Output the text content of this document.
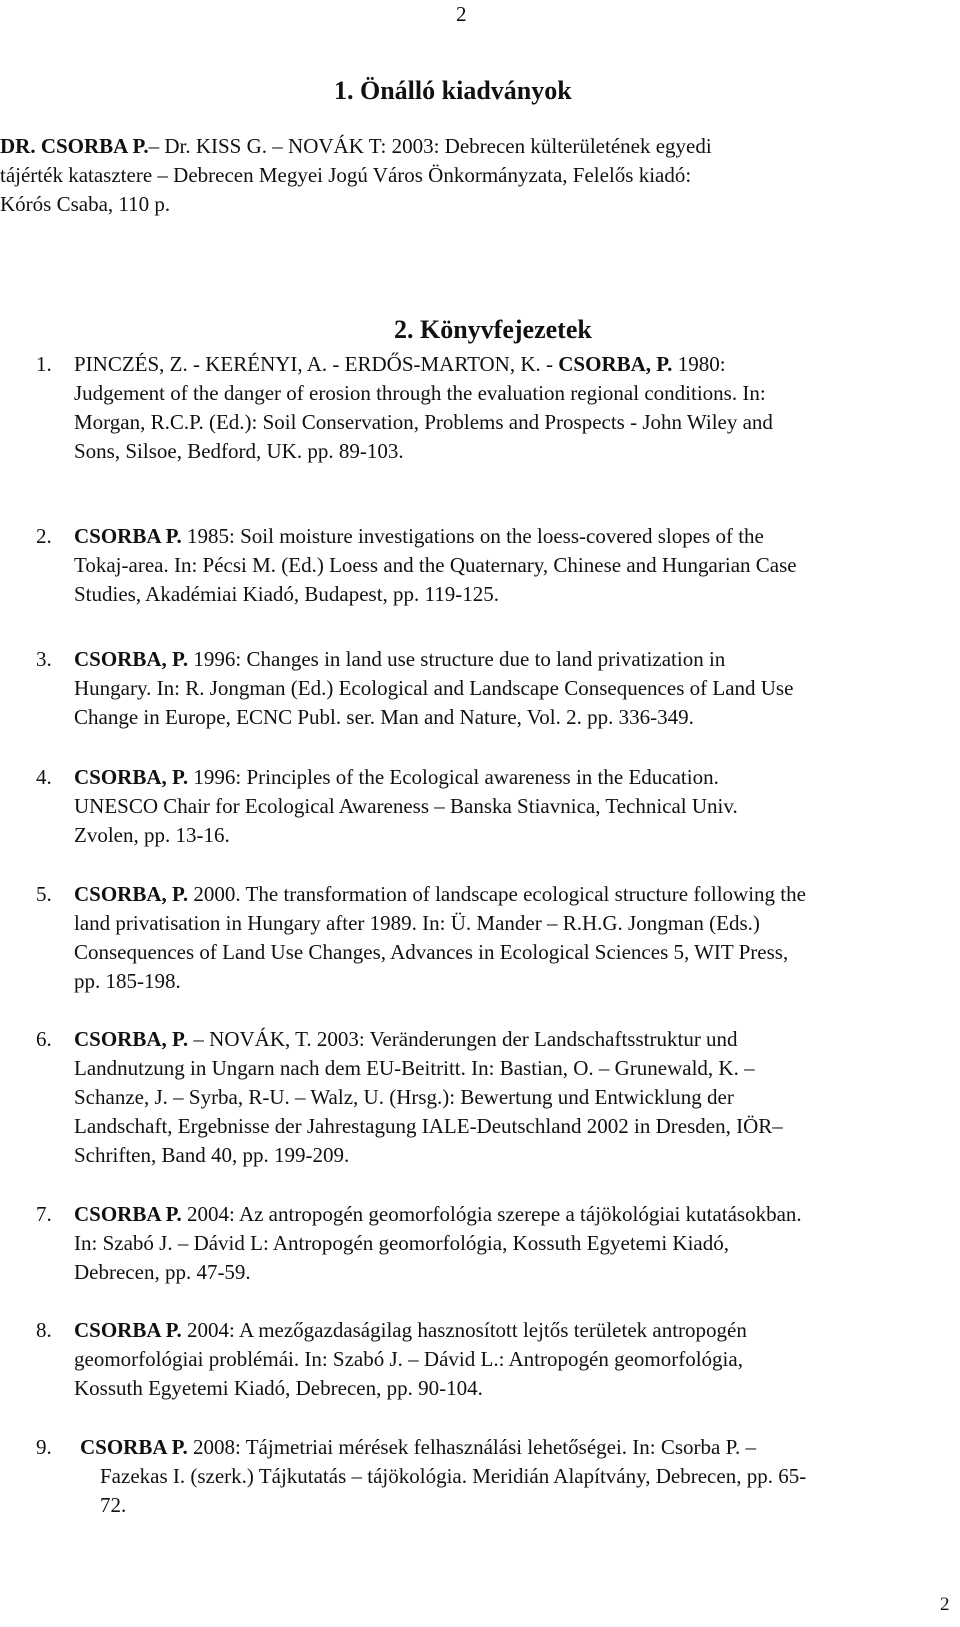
2
1. Önálló kiadványok
DR. CSORBA P.– Dr. KISS G. – NOVÁK T: 2003: Debrecen külterületének egyedi
tájérték katasztere – Debrecen Megyei Jogú Város Önkormányzata, Felelős kiadó:
Kórós Csaba, 110 p.
2. Könyvfejezetek
1. PINCZÉS, Z. - KERÉNYI, A. - ERDŐS-MARTON, K. - CSORBA, P. 1980:
Judgement of the danger of erosion through the evaluation regional conditions. In:
Morgan, R.C.P. (Ed.): Soil Conservation, Problems and Prospects - John Wiley and
Sons, Silsoe, Bedford, UK. pp. 89-103.
2. CSORBA P. 1985: Soil moisture investigations on the loess-covered slopes of the
Tokaj-area. In: Pécsi M. (Ed.) Loess and the Quaternary, Chinese and Hungarian Case
Studies, Akadémiai Kiadó, Budapest, pp. 119-125.
3. CSORBA, P. 1996: Changes in land use structure due to land privatization in
Hungary. In: R. Jongman (Ed.) Ecological and Landscape Consequences of Land Use
Change in Europe, ECNC Publ. ser. Man and Nature, Vol. 2. pp. 336-349.
4. CSORBA, P. 1996: Principles of the Ecological awareness in the Education.
UNESCO Chair for Ecological Awareness – Banska Stiavnica, Technical Univ.
Zvolen, pp. 13-16.
5. CSORBA, P. 2000. The transformation of landscape ecological structure following the
land privatisation in Hungary after 1989. In: Ü. Mander – R.H.G. Jongman (Eds.)
Consequences of Land Use Changes, Advances in Ecological Sciences 5, WIT Press,
pp. 185-198.
6. CSORBA, P. – NOVÁK, T. 2003: Veränderungen der Landschaftsstruktur und
Landnutzung in Ungarn nach dem EU-Beitritt. In: Bastian, O. – Grunewald, K. –
Schanze, J. – Syrba, R-U. – Walz, U. (Hrsg.): Bewertung und Entwicklung der
Landschaft, Ergebnisse der Jahrestagung IALE-Deutschland 2002 in Dresden, IÖR–
Schriften, Band 40, pp. 199-209.
7. CSORBA P. 2004: Az antropogén geomorfológia szerepe a tájökológiai kutatásokban.
In: Szabó J. – Dávid L: Antropogén geomorfológia, Kossuth Egyetemi Kiadó,
Debrecen, pp. 47-59.
8. CSORBA P. 2004: A mezőgazdaságilag hasznosított lejtős területek antropogén
geomorfológiai problémái. In: Szabó J. – Dávid L.: Antropogén geomorfológia,
Kossuth Egyetemi Kiadó, Debrecen, pp. 90-104.
9. CSORBA P. 2008: Tájmetriai mérések felhasználási lehetőségei. In: Csorba P. –
Fazekas I. (szerk.) Tájkutatás – tájökológia. Meridián Alapítvány, Debrecen, pp. 65-
72.
2
